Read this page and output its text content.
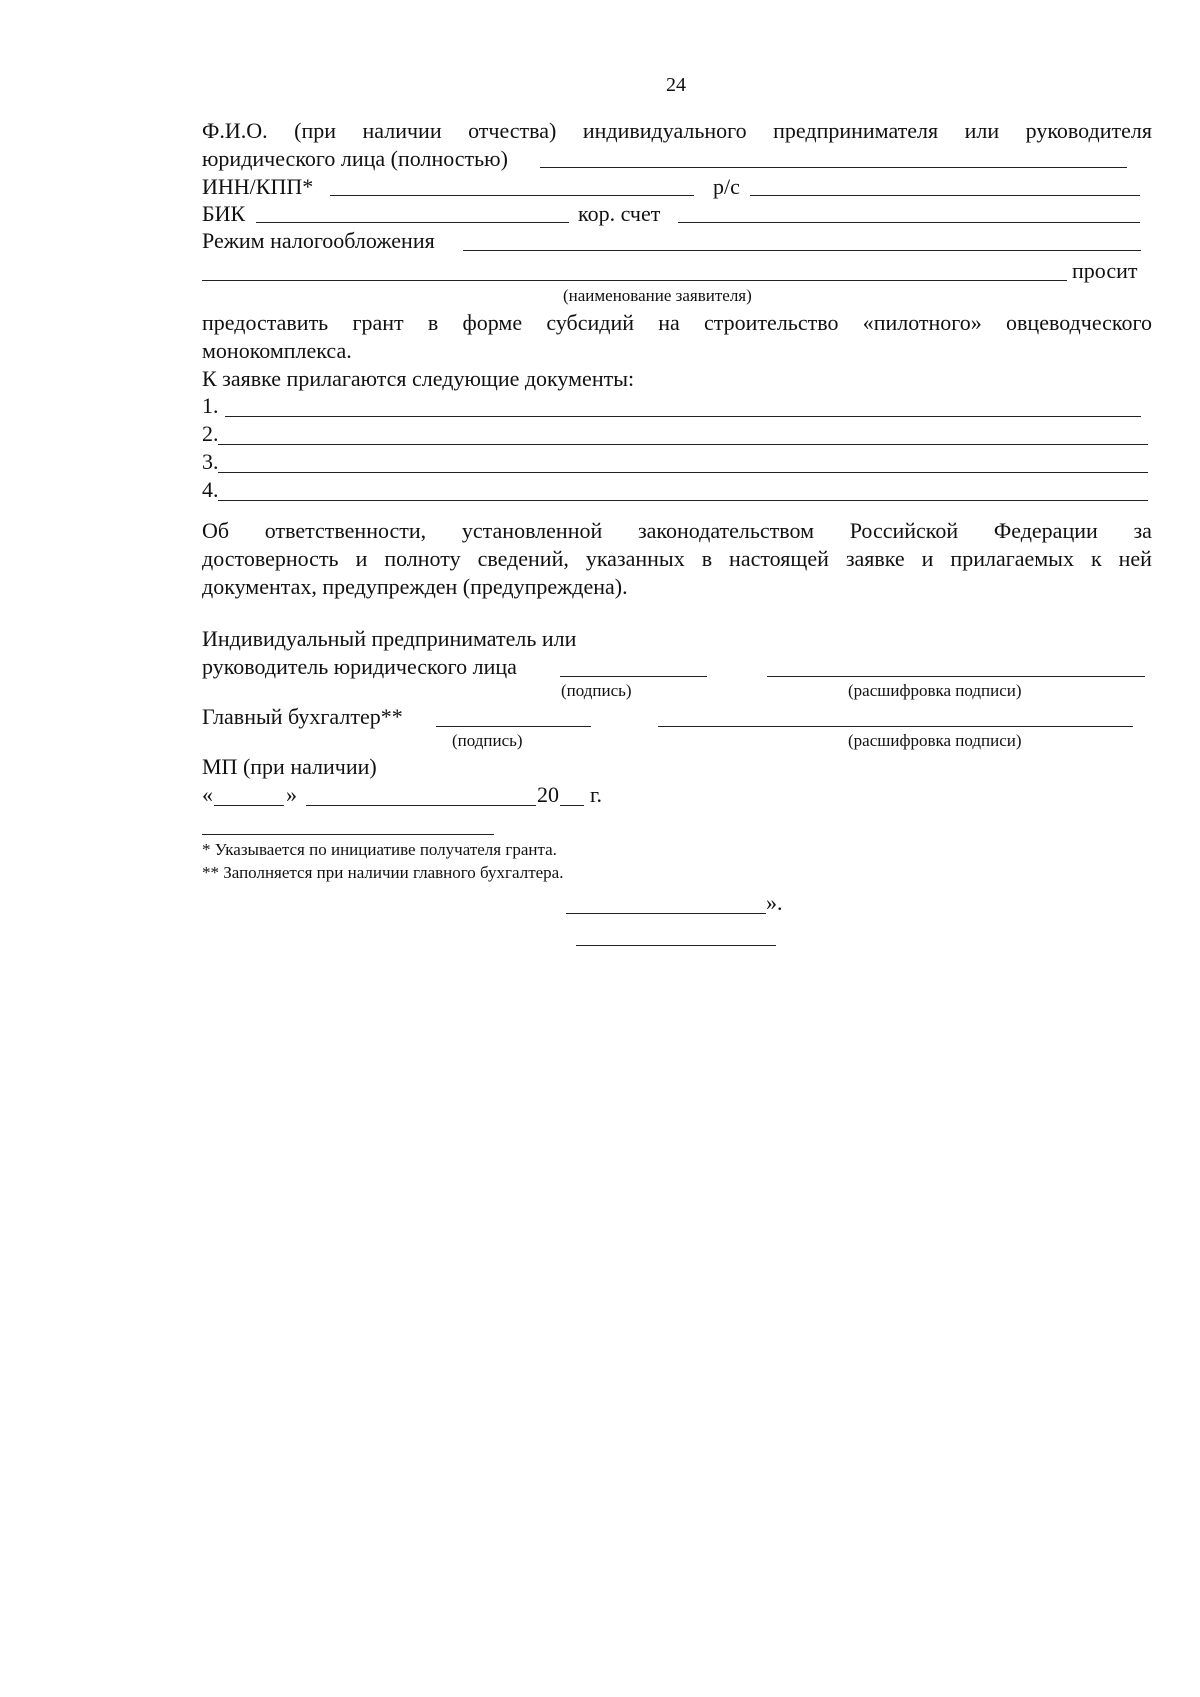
24
Ф.И.О. (при наличии отчества) индивидуального предпринимателя или руководителя
юридического лица (полностью)
ИНН/КПП*	р/с
БИК	кор. счет
Режим налогообложения
просит
(наименование заявителя)
предоставить грант в форме субсидий на строительство «пилотного» овцеводческого
монокомплекса.
К заявке прилагаются следующие документы:
1.
2.
3.
4.
Об ответственности, установленной законодательством Российской Федерации за
достоверность и полноту сведений, указанных в настоящей заявке и прилагаемых к ней
документах, предупрежден (предупреждена).
Индивидуальный предприниматель или
руководитель юридического лица
(подпись)	(расшифровка подписи)
Главный бухгалтер**
(подпись)	(расшифровка подписи)
МП (при наличии)
«	»	20 г.
* Указывается по инициативе получателя гранта.
** Заполняется при наличии главного бухгалтера.
».
